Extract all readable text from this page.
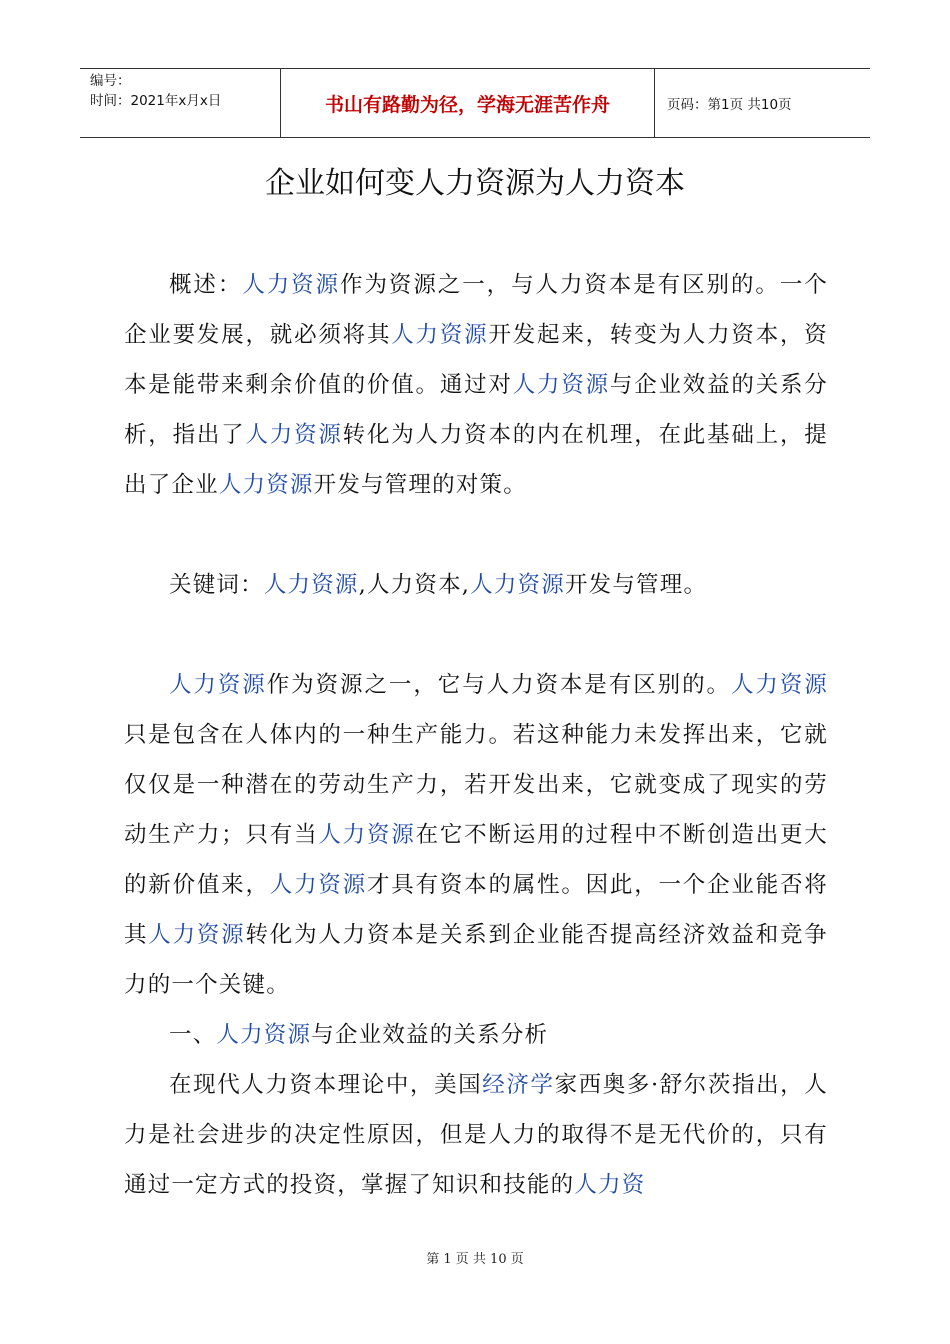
编号：
时间：2021年x月x日	书山有路勤为径，学海无涯苦作舟	页码：第1页 共10页
企业如何变人力资源为人力资本

概述：人力资源作为资源之一，与人力资本是有区别的。一个企业要发展，就必须将其人力资源开发起来，转变为人力资本，资本是能带来剩余价值的价值。通过对人力资源与企业效益的关系分析，指出了人力资源转化为人力资本的内在机理，在此基础上，提出了企业人力资源开发与管理的对策。

关键词：人力资源,人力资本,人力资源开发与管理。

人力资源作为资源之一，它与人力资本是有区别的。人力资源只是包含在人体内的一种生产能力。若这种能力未发挥出来，它就仅仅是一种潜在的劳动生产力，若开发出来，它就变成了现实的劳动生产力；只有当人力资源在它不断运用的过程中不断创造出更大的新价值来，人力资源才具有资本的属性。因此，一个企业能否将其人力资源转化为人力资本是关系到企业能否提高经济效益和竞争力的一个关键。

一、人力资源与企业效益的关系分析

在现代人力资本理论中，美国经济学家西奥多·舒尔茨指出，人力是社会进步的决定性原因，但是人力的取得不是无代价的，只有通过一定方式的投资，掌握了知识和技能的人力资

第 1 页 共 10 页
